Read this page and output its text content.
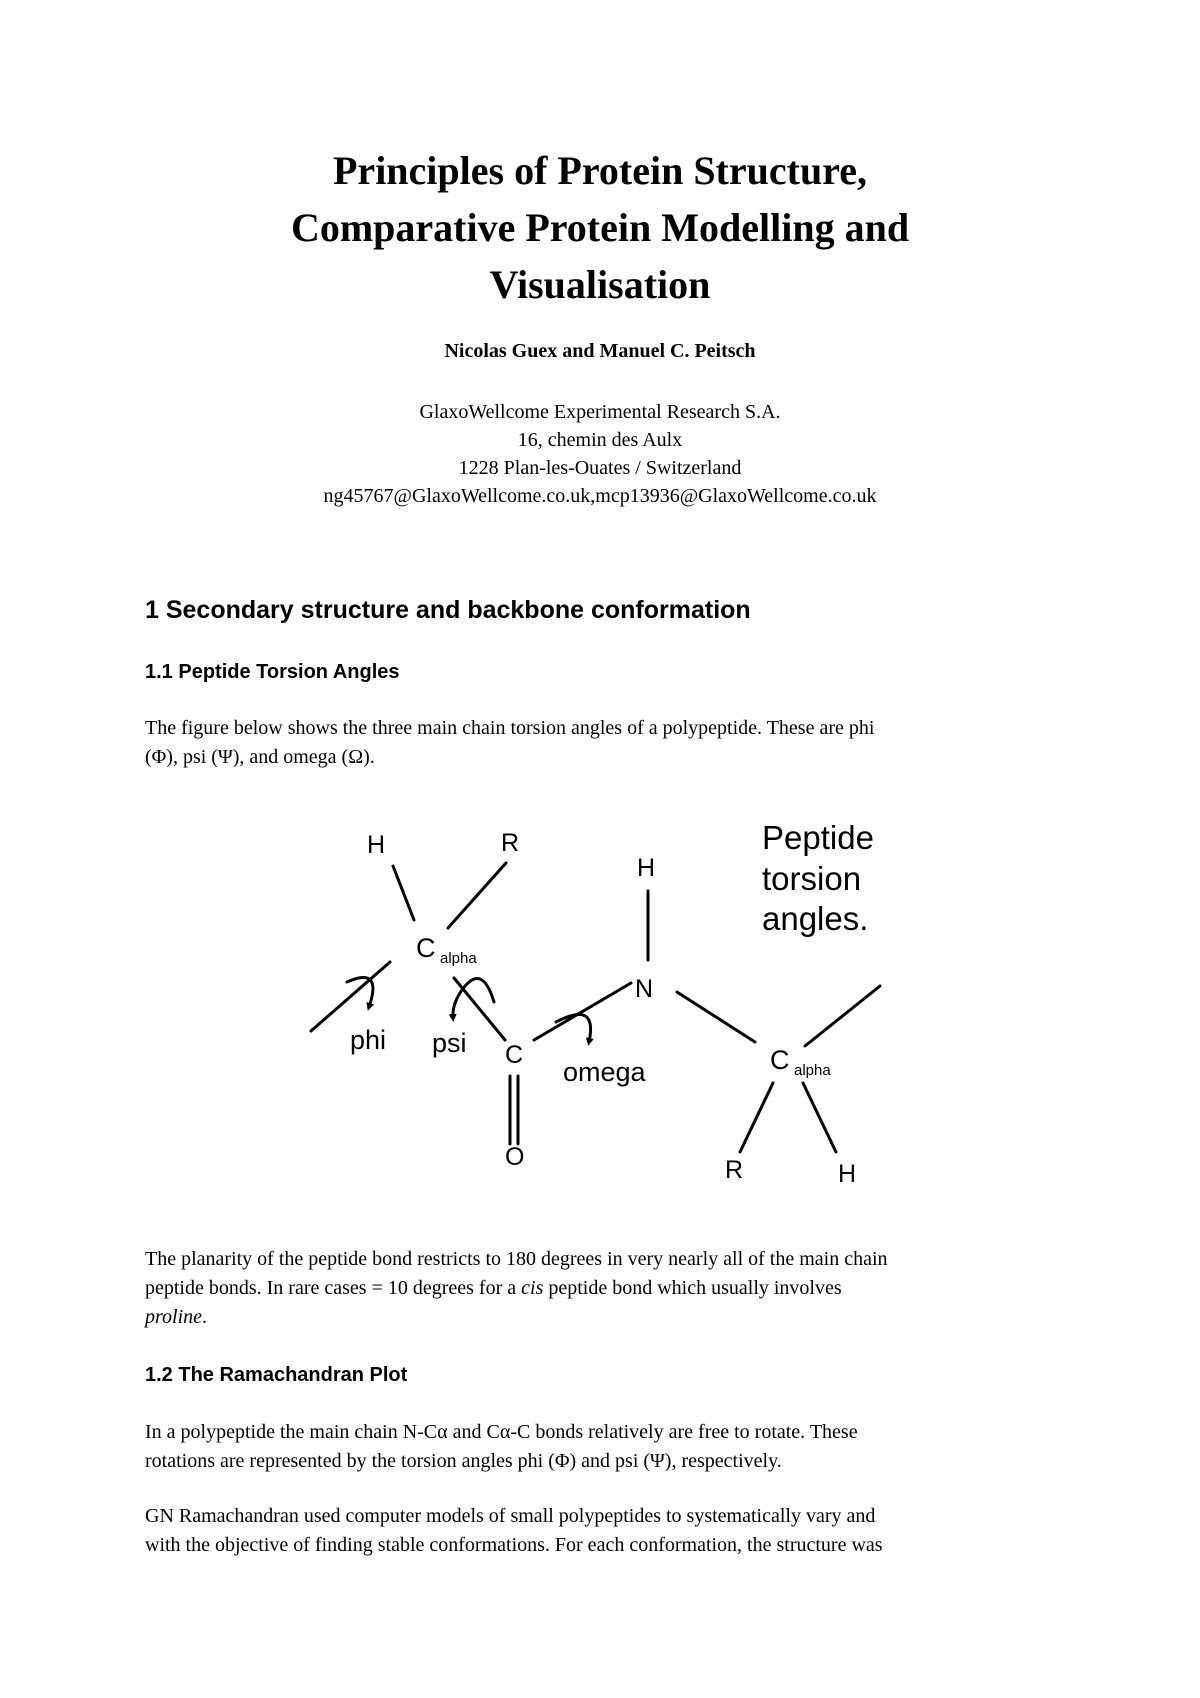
Principles of Protein Structure,
Comparative Protein Modelling and
Visualisation
Nicolas Guex and Manuel C. Peitsch
GlaxoWellcome Experimental Research S.A.
16, chemin des Aulx
1228 Plan-les-Ouates / Switzerland
ng45767@GlaxoWellcome.co.uk,mcp13936@GlaxoWellcome.co.uk
1 Secondary structure and backbone conformation
1.1 Peptide Torsion Angles
The figure below shows the three main chain torsion angles of a polypeptide. These are phi
(Φ), psi (Ψ), and omega (Ω).
Peptide
torsion
angles.
H	R
C alpha
C
O
H
N
C alpha
R	H
phi psi
omega
The planarity of the peptide bond restricts to 180 degrees in very nearly all of the main chain
peptide bonds. In rare cases = 10 degrees for a cis peptide bond which usually involves
proline.
1.2 The Ramachandran Plot
In a polypeptide the main chain N-Cα and Cα-C bonds relatively are free to rotate. These
rotations are represented by the torsion angles phi (Φ) and psi (Ψ), respectively.
GN Ramachandran used computer models of small polypeptides to systematically vary and
with the objective of finding stable conformations. For each conformation, the structure was
